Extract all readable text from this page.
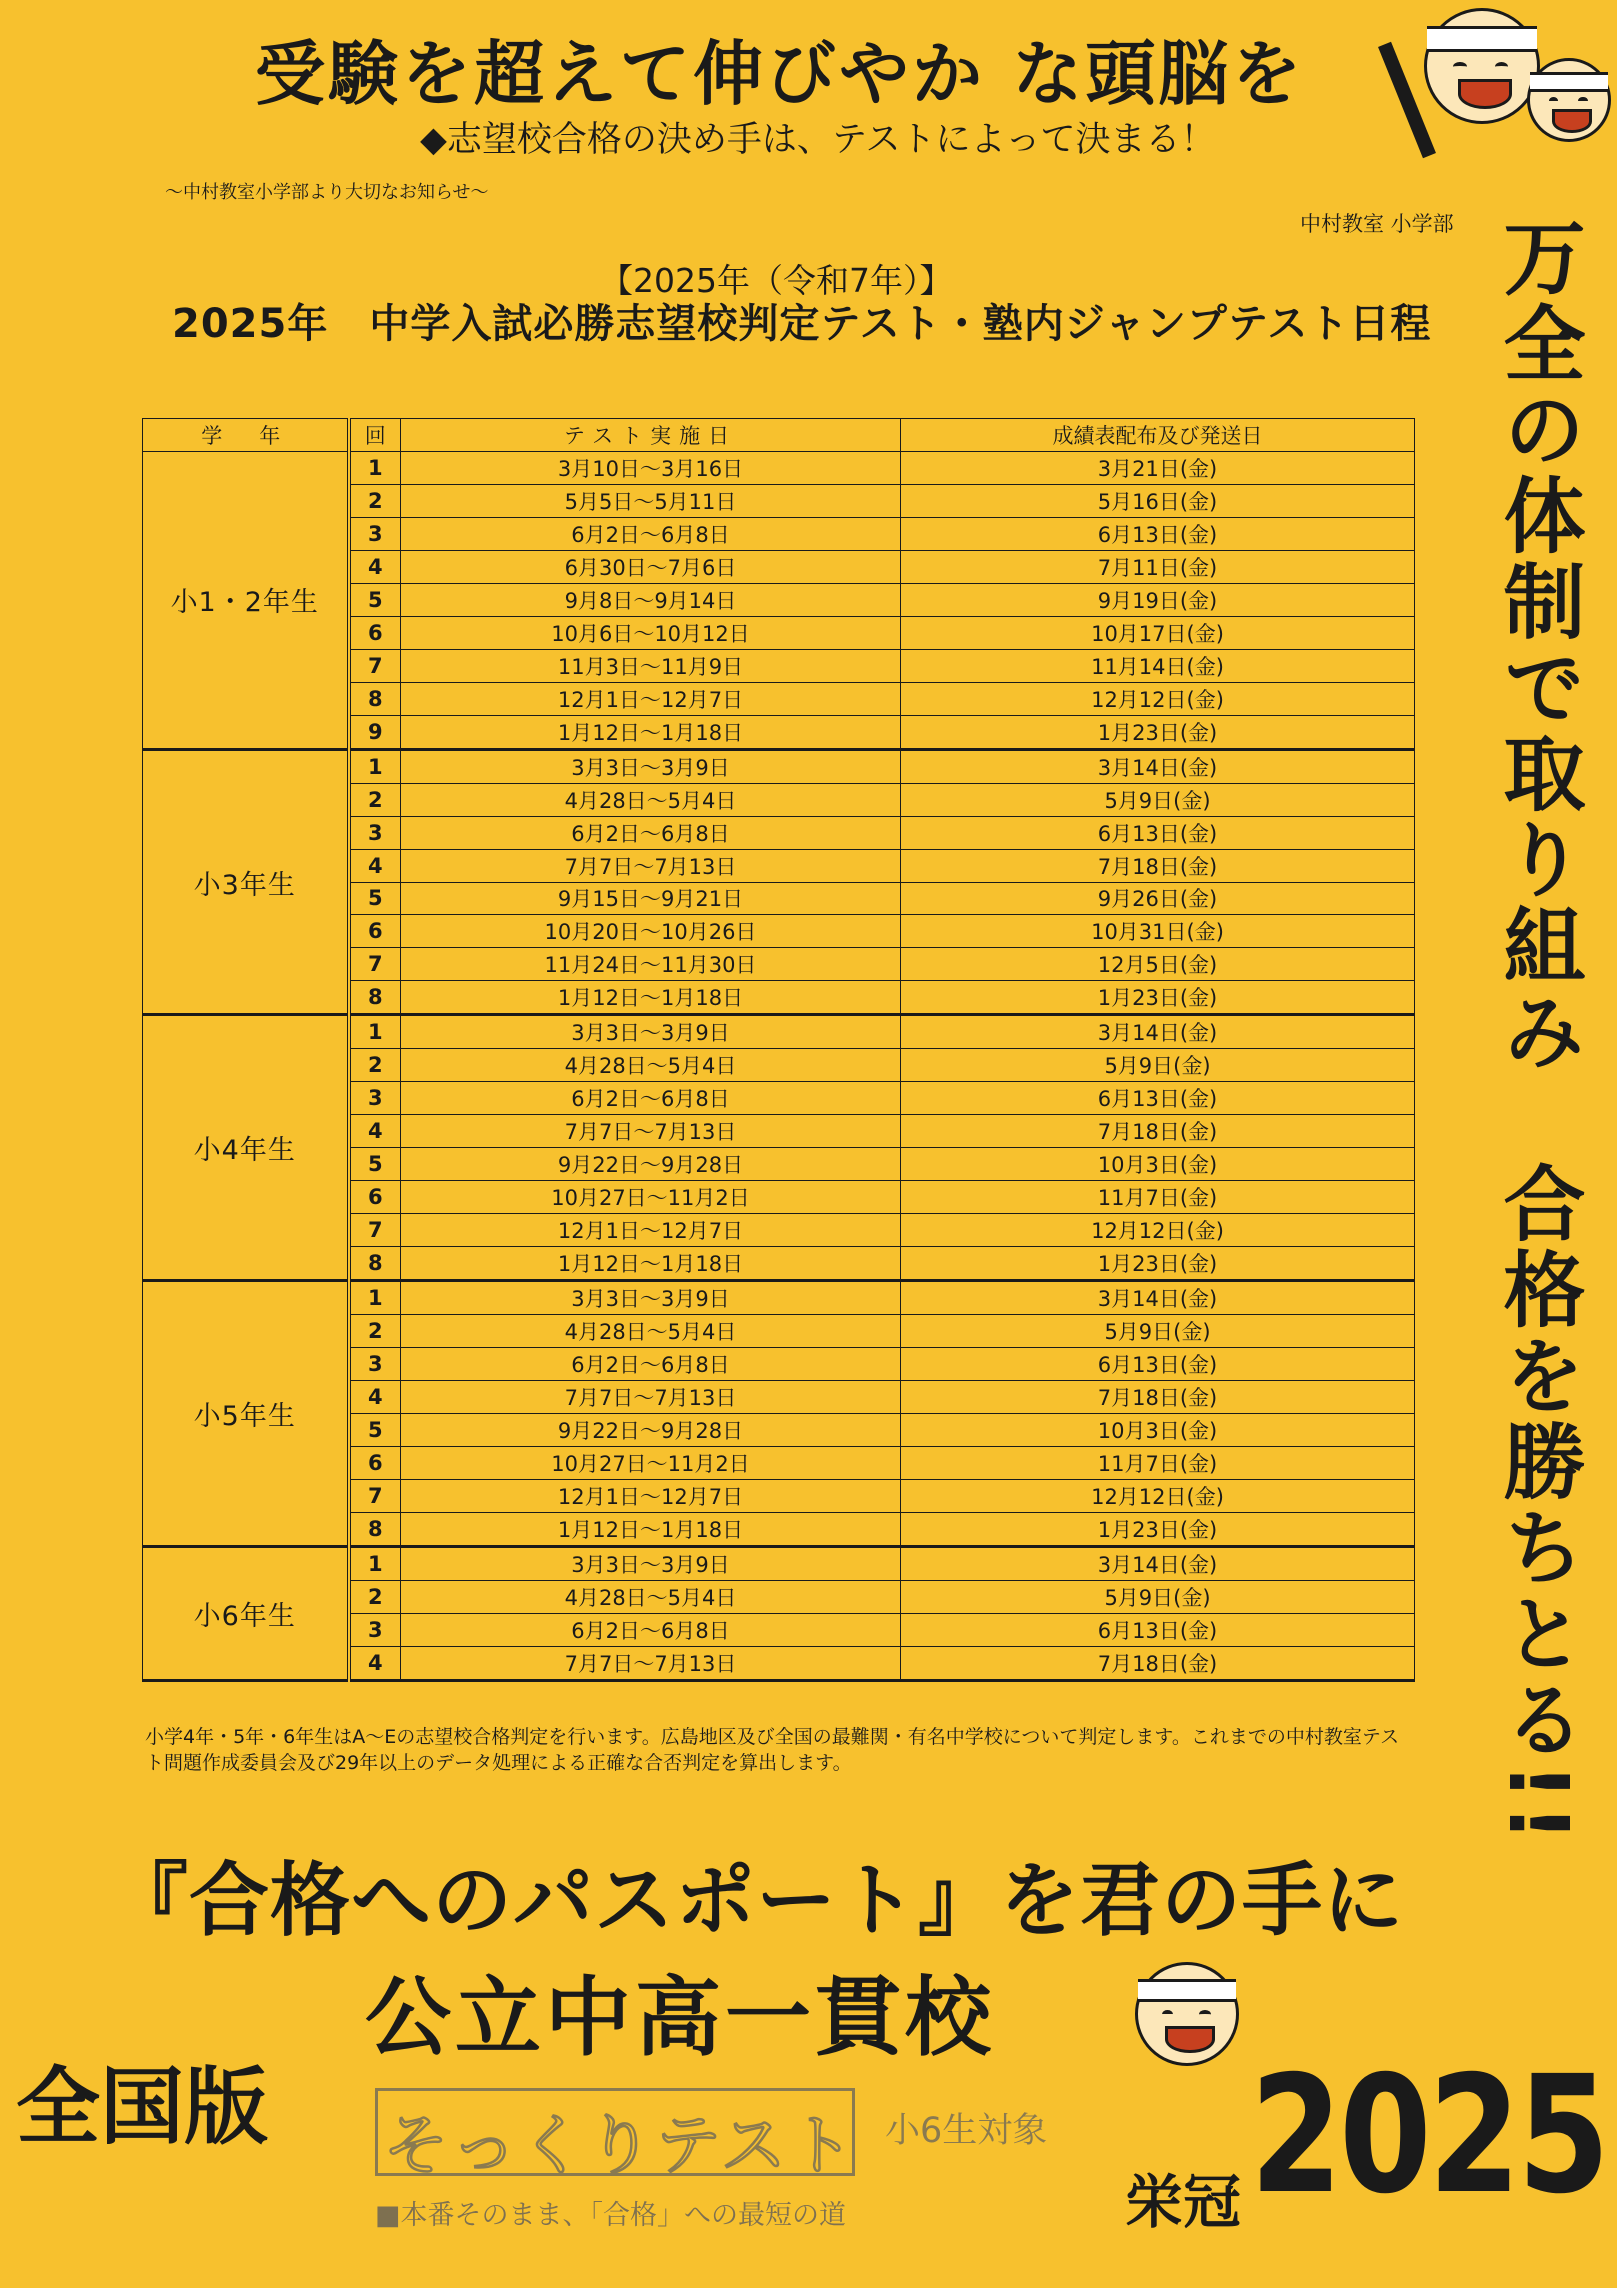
受験を超えて伸びやか な頭脳を
◆志望校合格の決め手は、テストによって決まる！
～中村教室小学部より大切なお知らせ～
中村教室 小学部
【2025年（令和7年）】
2025年　中学入試必勝志望校判定テスト・塾内ジャンプテスト日程 万全の体制で取り組み　合格を勝ちとる!!
学　年	回	テスト実施日	成績表配布及び発送日
小1・2年生	1	3月10日～3月16日	3月21日(金)
	2	5月5日～5月11日	5月16日(金)
	3	6月2日～6月8日	6月13日(金)
	4	6月30日～7月6日	7月11日(金)
	5	9月8日～9月14日	9月19日(金)
	6	10月6日～10月12日	10月17日(金)
	7	11月3日～11月9日	11月14日(金)
	8	12月1日～12月7日	12月12日(金)
	9	1月12日～1月18日	1月23日(金)
小3年生	1	3月3日～3月9日	3月14日(金)
	2	4月28日～5月4日	5月9日(金)
	3	6月2日～6月8日	6月13日(金)
	4	7月7日～7月13日	7月18日(金)
	5	9月15日～9月21日	9月26日(金)
	6	10月20日～10月26日	10月31日(金)
	7	11月24日～11月30日	12月5日(金)
	8	1月12日～1月18日	1月23日(金)
小4年生	1	3月3日～3月9日	3月14日(金)
	2	4月28日～5月4日	5月9日(金)
	3	6月2日～6月8日	6月13日(金)
	4	7月7日～7月13日	7月18日(金)
	5	9月22日～9月28日	10月3日(金)
	6	10月27日～11月2日	11月7日(金)
	7	12月1日～12月7日	12月12日(金)
	8	1月12日～1月18日	1月23日(金)
小5年生	1	3月3日～3月9日	3月14日(金)
	2	4月28日～5月4日	5月9日(金)
	3	6月2日～6月8日	6月13日(金)
	4	7月7日～7月13日	7月18日(金)
	5	9月22日～9月28日	10月3日(金)
	6	10月27日～11月2日	11月7日(金)
	7	12月1日～12月7日	12月12日(金)
	8	1月12日～1月18日	1月23日(金)
小6年生	1	3月3日～3月9日	3月14日(金)
	2	4月28日～5月4日	5月9日(金)
	3	6月2日～6月8日	6月13日(金)
	4	7月7日～7月13日	7月18日(金)
小学4年・5年・6年生はA～Eの志望校合格判定を行います。広島地区及び全国の最難関・有名中学校について判定します。これまでの中村教室テスト問題作成委員会及び29年以上のデータ処理による正確な合否判定を算出します。
『合格へのパスポート』を君の手に
公立中高一貫校
全国版 そっくりテスト 小6生対象
■本番そのまま、「合格」への最短の道	栄冠 2025
